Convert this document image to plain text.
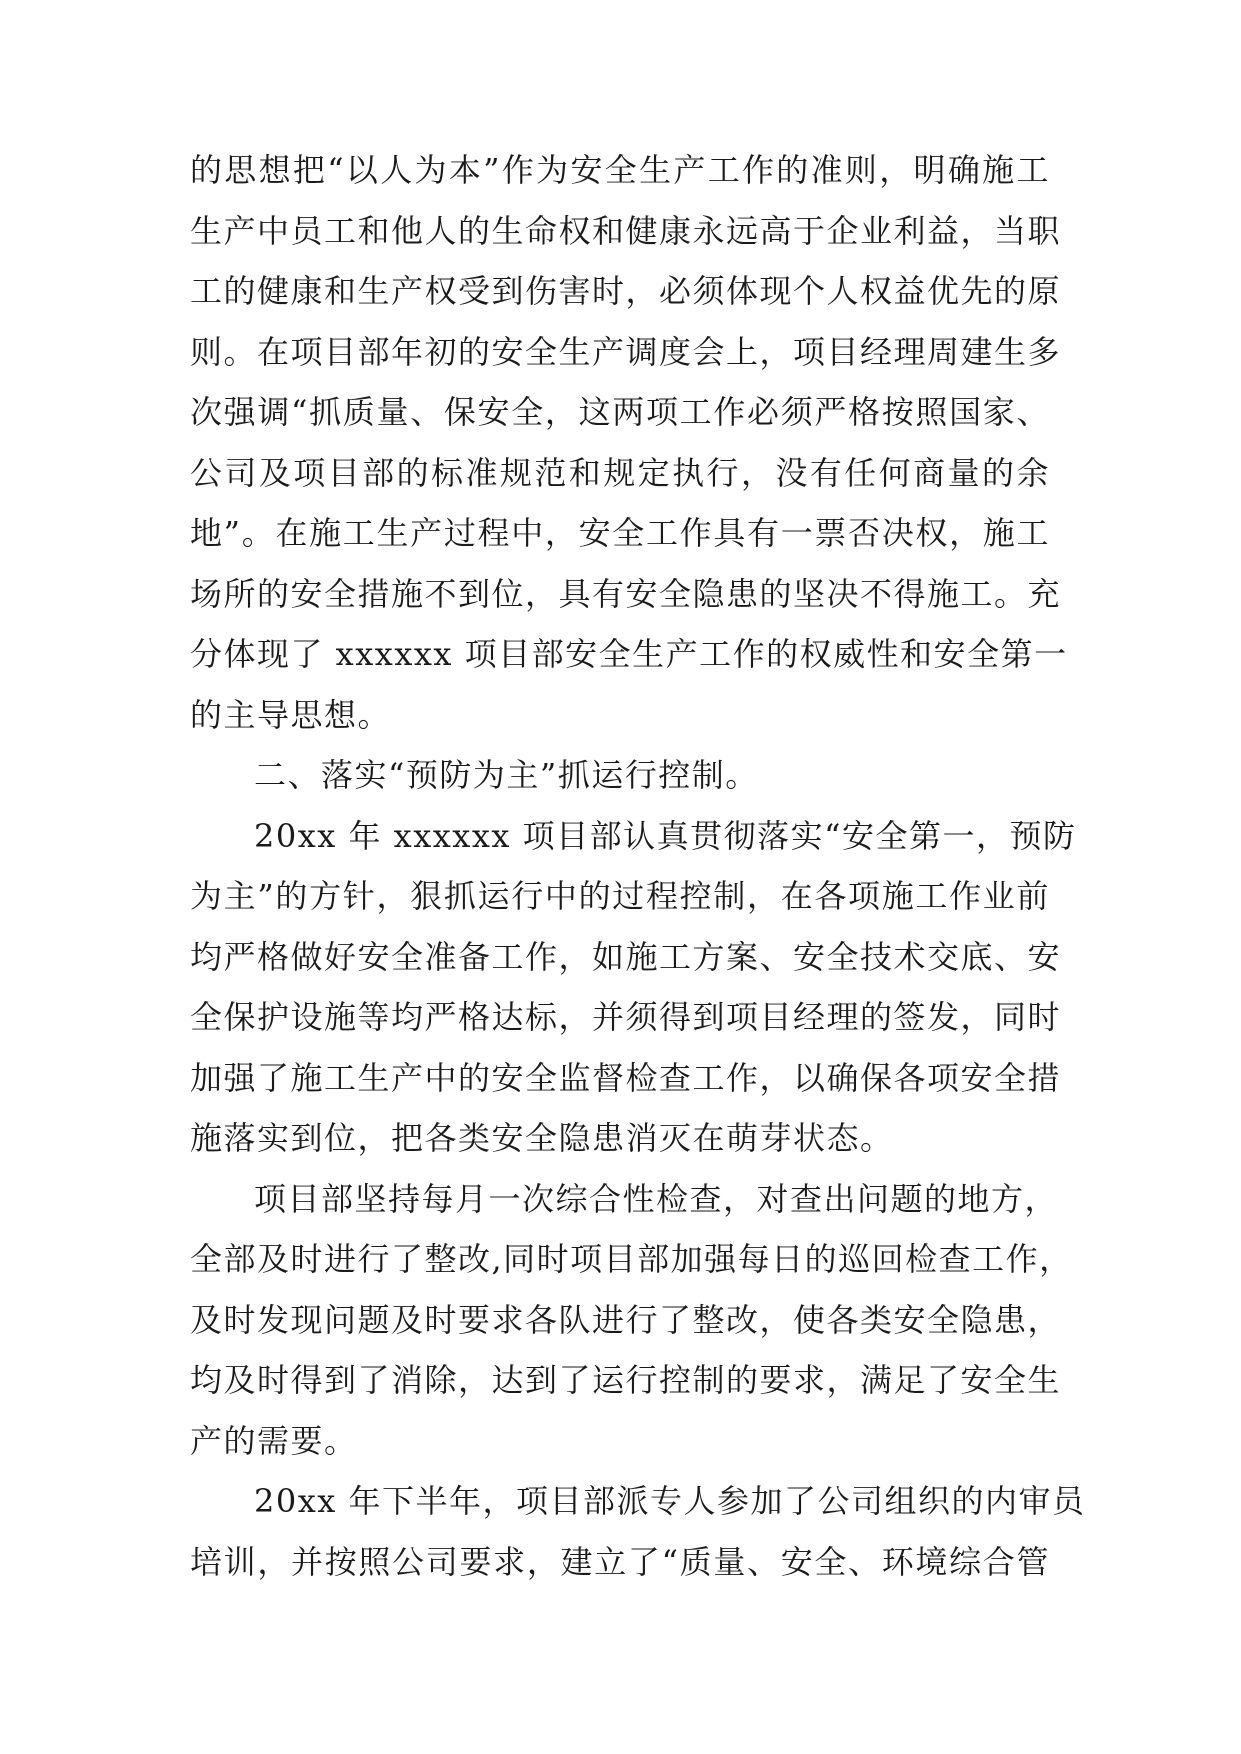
的思想把“以人为本”作为安全生产工作的准则，明确施工
生产中员工和他人的生命权和健康永远高于企业利益，当职
工的健康和生产权受到伤害时，必须体现个人权益优先的原
则。在项目部年初的安全生产调度会上，项目经理周建生多
次强调“抓质量、保安全，这两项工作必须严格按照国家、
公司及项目部的标准规范和规定执行，没有任何商量的余
地”。在施工生产过程中，安全工作具有一票否决权，施工
场所的安全措施不到位，具有安全隐患的坚决不得施工。充
分体现了 xxxxxx 项目部安全生产工作的权威性和安全第一
的主导思想。

二、落实“预防为主”抓运行控制。

20xx 年 xxxxxx 项目部认真贯彻落实“安全第一，预防
为主”的方针，狠抓运行中的过程控制，在各项施工作业前
均严格做好安全准备工作，如施工方案、安全技术交底、安
全保护设施等均严格达标，并须得到项目经理的签发，同时
加强了施工生产中的安全监督检查工作，以确保各项安全措
施落实到位，把各类安全隐患消灭在萌芽状态。

项目部坚持每月一次综合性检查，对查出问题的地方，
全部及时进行了整改,同时项目部加强每日的巡回检查工作，
及时发现问题及时要求各队进行了整改，使各类安全隐患，
均及时得到了消除，达到了运行控制的要求，满足了安全生
产的需要。

20xx 年下半年，项目部派专人参加了公司组织的内审员
培训，并按照公司要求，建立了“质量、安全、环境综合管
